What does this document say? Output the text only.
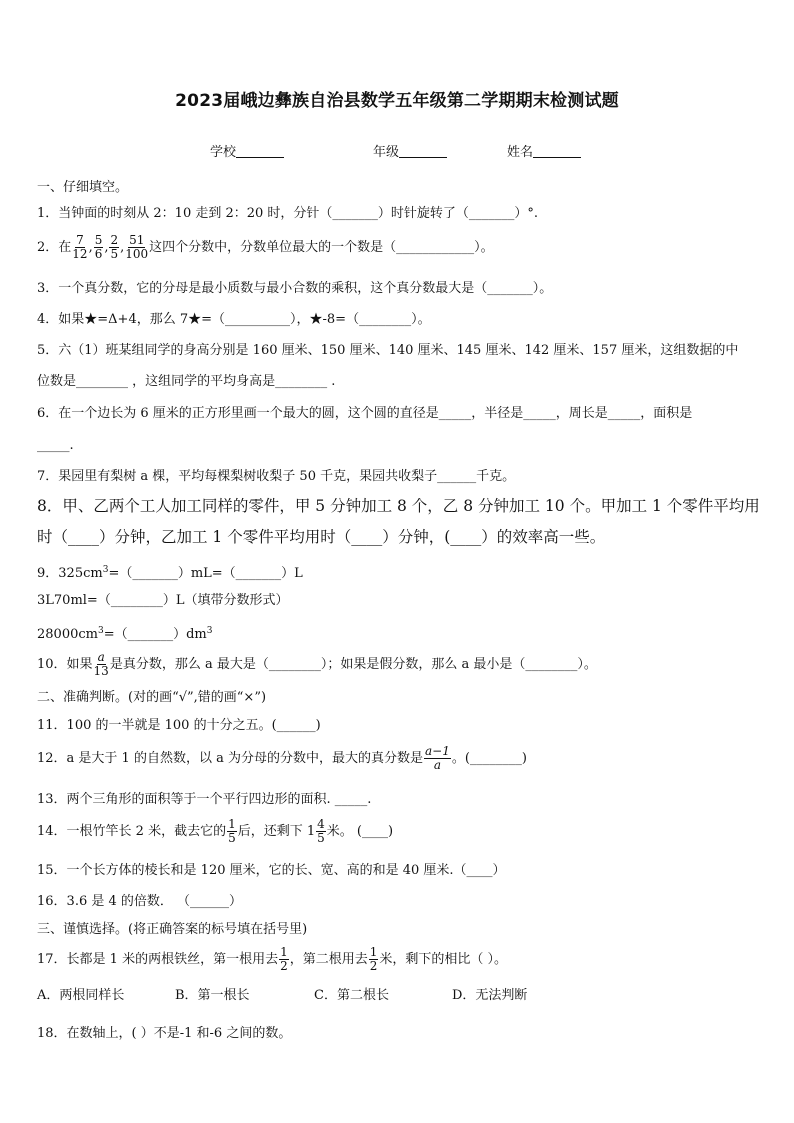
2023届峨边彝族自治县数学五年级第二学期期末检测试题
学校	年级	姓名
一、仔细填空。
1．当钟面的时刻从 2：10 走到 2：20 时，分针（_______）时针旋转了（_______）°.
2．在 $\frac{7}{12}$ , $\frac{5}{6}$ , $\frac{2}{5}$ , $\frac{51}{100}$ 这四个分数中，分数单位最大的一个数是（____________）。
3．一个真分数，它的分母是最小质数与最小合数的乘积，这个真分数最大是（_______）。
4．如果★=Δ+4，那么 7★=（__________），★-8=（________）。
5．六（1）班某组同学的身高分别是 160 厘米、150 厘米、140 厘米、145 厘米、142 厘米、157 厘米，这组数据的中
位数是________ ，这组同学的平均身高是________ .
6．在一个边长为 6 厘米的正方形里画一个最大的圆，这个圆的直径是_____，半径是_____，周长是_____，面积是
_____.
7．果园里有梨树 a 棵，平均每棵梨树收梨子 50 千克，果园共收梨子______千克。
8．甲、乙两个工人加工同样的零件，甲 5 分钟加工 8 个，乙 8 分钟加工 10 个。甲加工 1 个零件平均用
时（____）分钟，乙加工 1 个零件平均用时（____）分钟，(____）的效率高一些。
9．$325cm^3=(\_\_\_\_\_\_\_)mL=(\_\_\_\_\_\_\_)L$
3L70ml=（________）L（填带分数形式）
$28000cm^3=(\_\_\_\_\_\_\_)dm^3$
10．如果 $\frac{a}{13}$ 是真分数，那么 a 最大是（________）；如果是假分数，那么 a 最小是（________）。
二、准确判断。(对的画“√”,错的画“×”)
11．100 的一半就是 100 的十分之五。(______)
12．a 是大于 1 的自然数，以 a 为分母的分数中，最大的真分数是 $\frac{a-1}{a}$ 。(________)
13．两个三角形的面积等于一个平行四边形的面积. _____.
14．一根竹竿长 2 米，截去它的 $\frac{1}{5}$ 后，还剩下 $1 \frac{4}{5}$ 米。 (____)
15．一个长方体的棱长和是 120 厘米，它的长、宽、高的和是 40 厘米.（____）
16．3.6 是 4 的倍数． （______）
三、谨慎选择。(将正确答案的标号填在括号里)
17．长都是 1 米的两根铁丝，第一根用去 $\frac{1}{2}$ ，第二根用去 $\frac{1}{2}$ 米，剩下的相比（ ）。
A．两根同样长	B．第一根长	C．第二根长	D．无法判断
18．在数轴上，( ）不是-1 和-6 之间的数。
